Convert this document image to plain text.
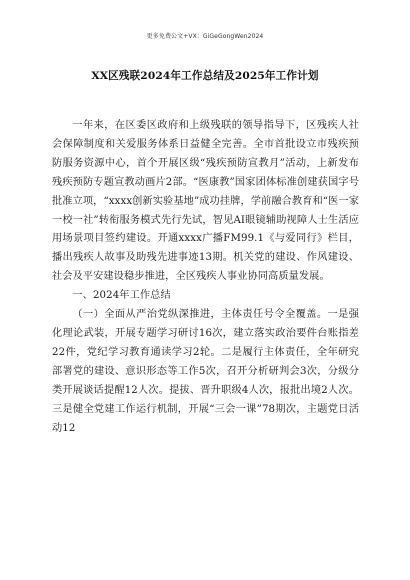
更多免费公文+VX：GiGeGongWen2024
XX区残联2024年工作总结及2025年工作计划

一年来，在区委区政府和上级残联的领导指导下，区残疾人社会保障制度和关爱服务体系日益健全完善。全市首批设立市残疾预防服务资源中心，首个开展区级“残疾预防宣教月”活动，上新发布残疾预防专题宣教动画片2部。“医康教”国家团体标准创建获国字号批准立项，“xxxx创新实验基地”成功挂牌，学前融合教育和“医一家一校一社”转衔服务模式先行先试，智见AI眼镜辅助视障人士生活应用场景项目签约建设。开通xxxx广播FM99.1《与爱同行》栏目，播出残疾人故事及助残先进事迹13期。机关党的建设、作风建设、社会及平安建设稳步推进，全区残疾人事业协同高质量发展。

一、2024年工作总结

（一）全面从严治党纵深推进，主体责任号令全覆盖。一是强化理论武装，开展专题学习研讨16次，建立落实政治要件台账指差22件，党纪学习教育通读学习2轮。二是履行主体责任，全年研究部署党的建设、意识形态等工作5次，召开分析研判会3次，分级分类开展谈话提醒12人次。提拔、晋升职级4人次，报批出境2人次。三是健全党建工作运行机制，开展“三会一课”78期次，主题党日活动12
